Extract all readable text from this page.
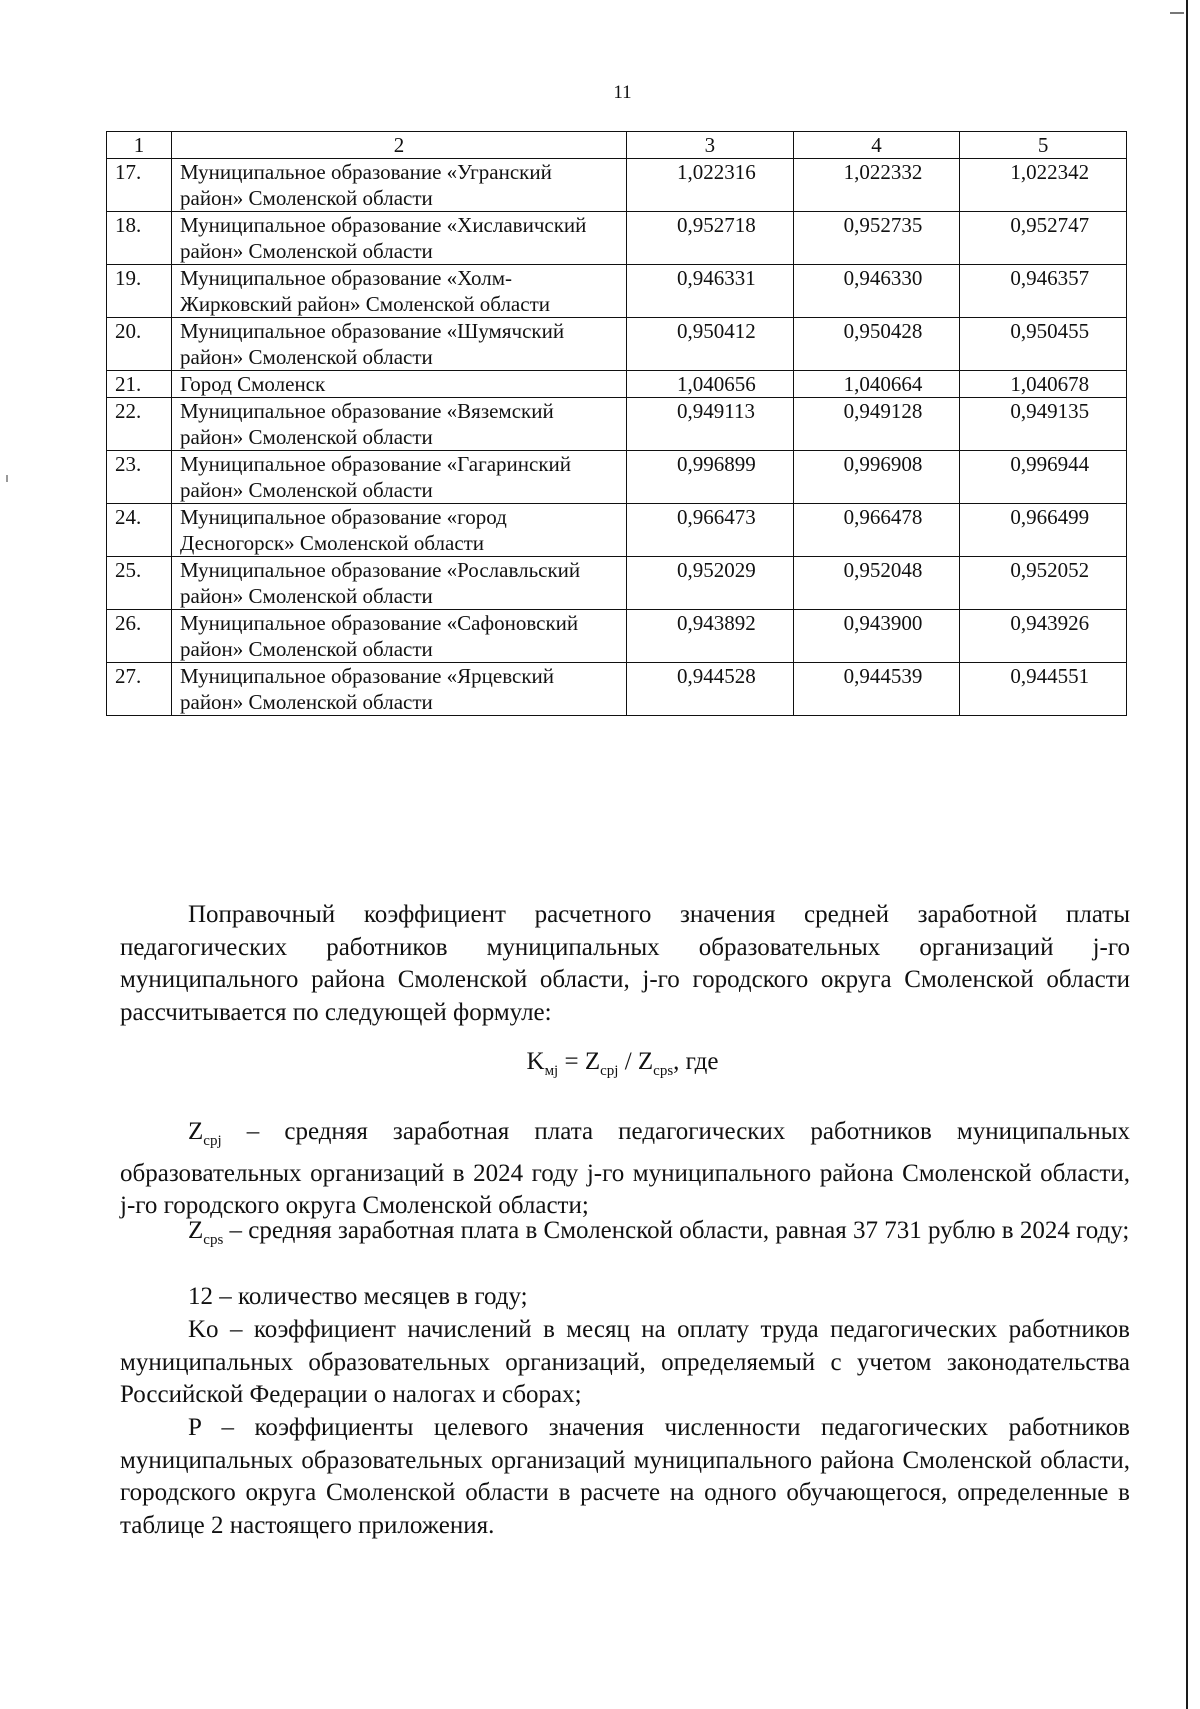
11
1	2	3	4	5
17.	Муниципальное образование «Угранский район» Смоленской области	1,022316	1,022332	1,022342
18.	Муниципальное образование «Хиславичский район» Смоленской области	0,952718	0,952735	0,952747
19.	Муниципальное образование «Холм-Жирковский район» Смоленской области	0,946331	0,946330	0,946357
20.	Муниципальное образование «Шумячский район» Смоленской области	0,950412	0,950428	0,950455
21.	Город Смоленск	1,040656	1,040664	1,040678
22.	Муниципальное образование «Вяземский район» Смоленской области	0,949113	0,949128	0,949135
23.	Муниципальное образование «Гагаринский район» Смоленской области	0,996899	0,996908	0,996944
24.	Муниципальное образование «город Десногорск» Смоленской области	0,966473	0,966478	0,966499
25.	Муниципальное образование «Рославльский район» Смоленской области	0,952029	0,952048	0,952052
26.	Муниципальное образование «Сафоновский район» Смоленской области	0,943892	0,943900	0,943926
27.	Муниципальное образование «Ярцевский район» Смоленской области	0,944528	0,944539	0,944551

Поправочный коэффициент расчетного значения средней заработной платы педагогических работников муниципальных образовательных организаций j-го муниципального района Смоленской области, j-го городского округа Смоленской области рассчитывается по следующей формуле:

$K_{мj} = Z_{cpj} / Z_{cps}$, где

$Z_{cpj}$ – средняя заработная плата педагогических работников муниципальных образовательных организаций в 2024 году j-го муниципального района Смоленской области, j-го городского округа Смоленской области;

$Z_{cps}$ – средняя заработная плата в Смоленской области, равная 37 731 рублю в 2024 году;

12 – количество месяцев в году;

Ko – коэффициент начислений в месяц на оплату труда педагогических работников муниципальных образовательных организаций, определяемый с учетом законодательства Российской Федерации о налогах и сборах;

P – коэффициенты целевого значения численности педагогических работников муниципальных образовательных организаций муниципального района Смоленской области, городского округа Смоленской области в расчете на одного обучающегося, определенные в таблице 2 настоящего приложения.
